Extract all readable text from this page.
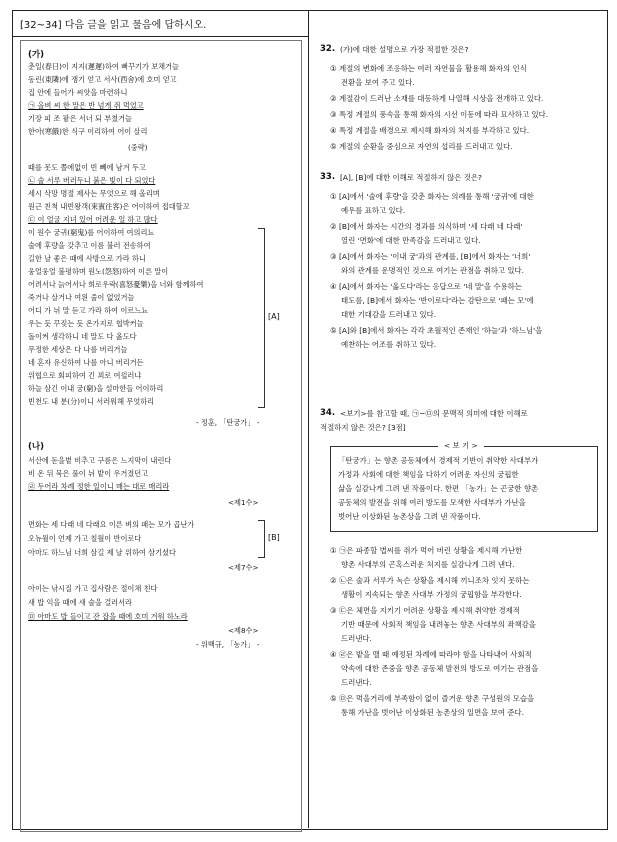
[32~34] 다음 글을 읽고 물음에 답하시오.
(가)
춘일(春日)이 지지(遲遲)하여 뻐꾸기가 보채거늘
동린(東隣)에 쟁기 얻고 서사(西舍)에 호미 얻고
집 안에 들어가 씨앗을 마련하니
㉠ 올벼 씨 한 말은 반 넘게 쥐 먹었고
기장 피 조 팥은 서너 되 부쳤거늘
한아(寒餓)한 식구 이리하여 어이 살리
(중략)
때를 못도 쫄에없이 빈 뻬에 남겨 두고
㉡ 술 서루 버러두니 붉은 빛이 다 되었다
세시 삭망 명절 제사는 무엇으로 해 올리며
원근 친척 내빈왕객(來賓往客)은 어이하여 접대할꼬
㉢ 이 얼굴 지녀 있어 어려운 일 하고 많다
이 원수 궁귀(窮鬼)를 어이하여 여의리뇨
술에 후량을 갖추고 이름 불러 전송하여
길한 날 좋은 때에 사방으로 가라 하니
웅얼웅얼 불평하며 원노(怨怒)하여 이른 말이
어려서나 늙어서나 희로우락(喜怒憂樂)을 너와 함께하여
죽거나 살거나 여읜 줄이 없었거늘
어디 가 뉘 말 듣고 가라 하여 이르느뇨
우는 듯 꾸짖는 듯 온가지로 협박커늘
돌이켜 생각하니 네 말도 다 옳도다
무정한 세상은 다 나를 버리거늘
네 혼자 유신하여 나를 아니 버리거든
위협으로 회피하여 긴 꾀로 여읠러냐
하늘 삼긴 이내 궁(窮)을 설마한들 어이하리
빈천도 내 분(分)이니 서러워해 무엇하리
[A]
- 정훈, 「탄궁가」 -
(나)
서산에 돋을볕 비추고 구름은 느지막이 내린다
비 온 뒤 묵은 풀이 뉘 밭이 우거졌던고
㉣ 두어라 차례 정한 일이니 매는 대로 매리라
<제1수>
면화는 세 다래 네 다래요 이른 벼의 패는 모가 곱난가
오뉴월이 언제 가고 칠월이 반이로다
아마도 하느님 너희 삼길 제 날 위하여 삼기셨다
<제7수>
[B]
아이는 낚시질 가고 집사람은 절이채 친다
새 밥 익을 때에 새 술을 걸러서라
㉤ 아마도 밥 들이고 잔 잡을 때에 호미 겨워 하노라
<제8수>
- 위백규, 「농가」 -
32. (가)에 대한 설명으로 가장 적절한 것은?
① 계절의 변화에 조응하는 여러 자연물을 활용해 화자의 인식
전환을 보여 주고 있다.
② 계절감이 드러난 소재를 대등하게 나열해 시상을 전개하고 있다.
③ 특정 계절의 풍속을 통해 화자의 시선 이동에 따라 묘사하고 있다.
④ 특정 계절을 배경으로 제시해 화자의 처지를 부각하고 있다.
⑤ 계절의 순환을 중심으로 자연의 섭리를 드러내고 있다.
33. [A], [B]에 대한 이해로 적절하지 않은 것은?
① [A]에서 '술에 후량'을 갖춘 화자는 의례를 통해 '궁귀'에 대한
예우를 표하고 있다.
② [B]에서 화자는 시간의 경과를 의식하며 '세 다래 네 다래'
열린 '면화'에 대한 만족감을 드러내고 있다.
③ [A]에서 화자는 '이내 궁'과의 관계를, [B]에서 화자는 '너희'
와의 관계를 운명적인 것으로 여기는 관점을 취하고 있다.
④ [A]에서 화자는 '옳도다'라는 응답으로 '네 말'을 수용하는
태도를, [B]에서 화자는 '반이로다'라는 감탄으로 '패는 모'에
대한 기대감을 드러내고 있다.
⑤ [A]와 [B]에서 화자는 각각 초월적인 존재인 '하늘'과 '하느님'을
예찬하는 어조를 취하고 있다.
34. <보기>를 참고할 때, ㉠~㉤의 문맥적 의미에 대한 이해로
적절하지 않은 것은? [3점]
< 보 기 >
「탄궁가」는 향촌 공동체에서 경제적 기반이 취약한 사대부가
가정과 사회에 대한 책임을 다하기 어려운 자신의 궁핍한
삶을 실감나게 그려 낸 작품이다. 한편 「농가」는 곤궁한 향촌
공동체의 발전을 위해 여러 방도를 모색한 사대부가 가난을
벗어난 이상화된 농촌상을 그려 낸 작품이다.
① ㉠은 파종할 볍씨를 쥐가 먹어 버린 상황을 제시해 가난한
향촌 사대부의 곤혹스러운 처지를 실감나게 그려 낸다.
② ㉡은 술과 서루가 녹슨 상황을 제시해 끼니조차 잇지 못하는
생활이 지속되는 향촌 사대부 가정의 궁핍함을 부각한다.
③ ㉢은 체면을 지키기 어려운 상황을 제시해 취약한 경제적
기반 때문에 사회적 책임을 내려놓는 향촌 사대부의 좌책감을
드러낸다.
④ ㉣은 밭을 맬 때 예정된 차례에 따라야 함을 나타내어 사회적
약속에 대한 존중을 향촌 공동체 발전의 방도로 여기는 관점을
드러낸다.
⑤ ㉤은 먹을거리에 부족함이 없이 즐거운 향촌 구성원의 모습을
통해 가난을 벗어난 이상화된 농촌상의 일면을 보여 준다.
